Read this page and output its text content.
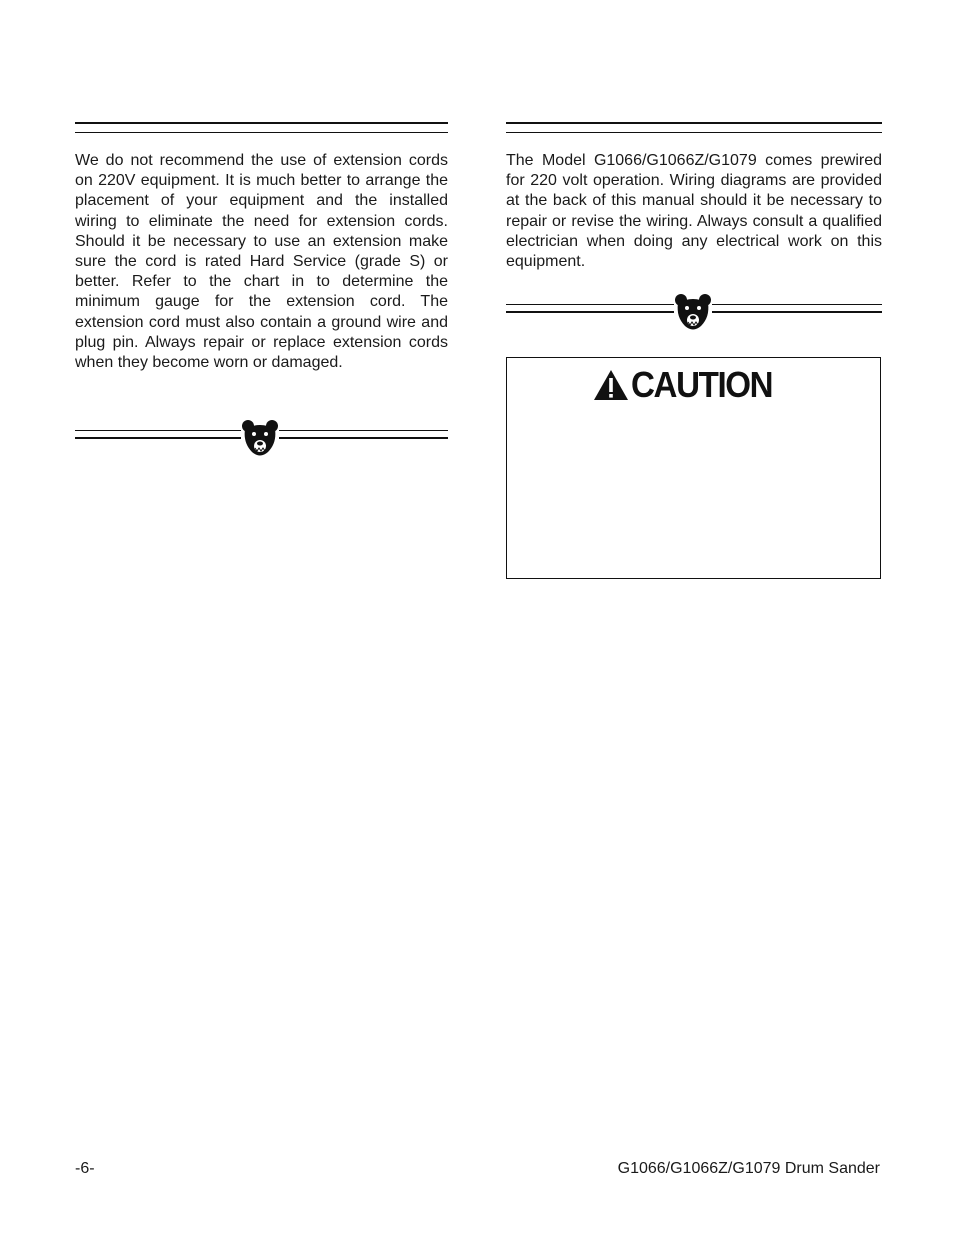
We do not recommend the use of extension cords on 220V equipment. It is much better to arrange the placement of your equipment and the installed wiring to eliminate the need for extension cords. Should it be necessary to use an extension make sure the cord is rated Hard Service (grade S) or better. Refer to the chart in to determine the minimum gauge for the extension cord. The extension cord must also contain a ground wire and plug pin. Always repair or replace extension cords when they become worn or damaged.

The Model G1066/G1066Z/G1079 comes prewired for 220 volt operation. Wiring diagrams are provided at the back of this manual should it be necessary to repair or revise the wiring. Always consult a qualified electrician when doing any electrical work on this equipment.

CAUTION
-6-	G1066/G1066Z/G1079 Drum Sander
